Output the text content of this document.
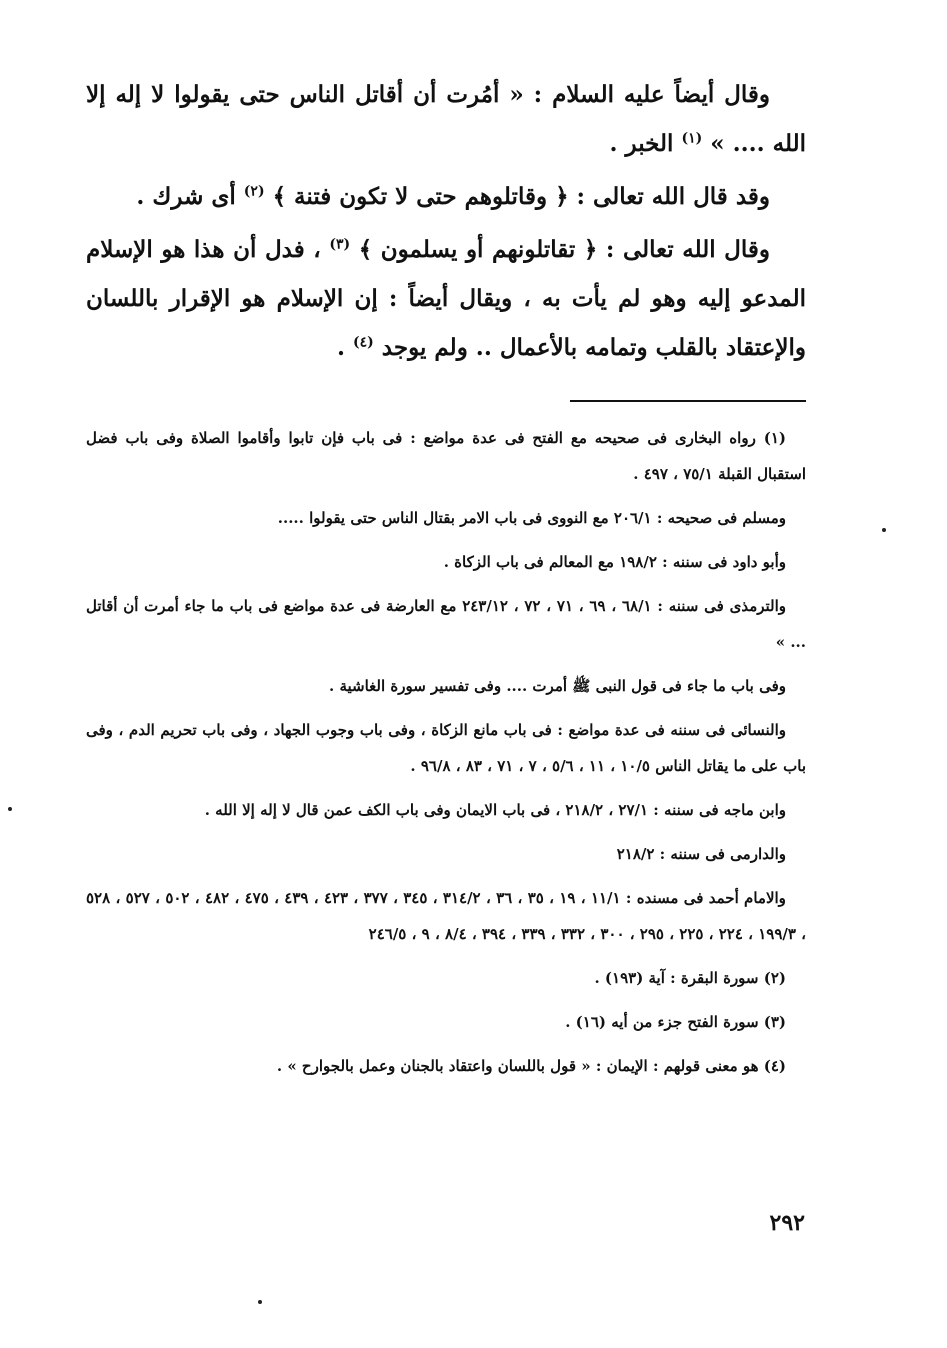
وقال أيضاً عليه السلام : « أمُرت أن أقاتل الناس حتى يقولوا لا إله إلا الله .... » $^{(١)}$ الخبر .

وقد قال الله تعالى : ﴿ وقاتلوهم حتى لا تكون فتنة ﴾ $^{(٢)}$ أى شرك .

وقال الله تعالى : ﴿ تقاتلونهم أو يسلمون ﴾ $^{(٣)}$ ، فدل أن هذا هو الإسلام المدعو إليه وهو لم يأت به ، ويقال أيضاً : إن الإسلام هو الإقرار باللسان والإعتقاد بالقلب وتمامه بالأعمال .. ولم يوجد $^{(٤)}$ .

(١) رواه البخارى فى صحيحه مع الفتح فى عدة مواضع : فى باب فإن تابوا وأقاموا الصلاة وفى باب فضل استقبال القبلة ٧٥/١ ، ٤٩٧ .

ومسلم فى صحيحه : ٢٠٦/١ مع النووى فى باب الامر بقتال الناس حتى يقولوا .....

وأبو داود فى سننه : ١٩٨/٢ مع المعالم فى باب الزكاة .

والترمذى فى سننه : ٦٨/١ ، ٦٩ ، ٧١ ، ٧٢ ، ٢٤٣/١٢ مع العارضة فى عدة مواضع فى باب ما جاء أمرت أن أقاتل ... »

وفى باب ما جاء فى قول النبى ﷺ أمرت .... وفى تفسير سورة الغاشية .

والنسائى فى سننه فى عدة مواضع : فى باب مانع الزكاة ، وفى باب وجوب الجهاد ، وفى باب تحريم الدم ، وفى باب على ما يقاتل الناس ١٠/٥ ، ١١ ، ٥/٦ ، ٧ ، ٧١ ، ٨٣ ، ٩٦/٨ .

وابن ماجه فى سننه : ٢٧/١ ، ٢١٨/٢ ، فى باب الايمان وفى باب الكف عمن قال لا إله إلا الله .

والدارمى فى سننه : ٢١٨/٢

والامام أحمد فى مسنده : ١١/١ ، ١٩ ، ٣٥ ، ٣٦ ، ٣١٤/٢ ، ٣٤٥ ، ٣٧٧ ، ٤٢٣ ، ٤٣٩ ، ٤٧٥ ، ٤٨٢ ، ٥٠٢ ، ٥٢٧ ، ٥٢٨ ، ١٩٩/٣ ، ٢٢٤ ، ٢٢٥ ، ٢٩٥ ، ٣٠٠ ، ٣٣٢ ، ٣٣٩ ، ٣٩٤ ، ٨/٤ ، ٩ ، ٢٤٦/٥

(٢) سورة البقرة : آية (١٩٣) .

(٣) سورة الفتح جزء من أيه (١٦) .

(٤) هو معنى قولهم : الإيمان : « قول باللسان واعتقاد بالجنان وعمل بالجوارح » .

٢٩٢
